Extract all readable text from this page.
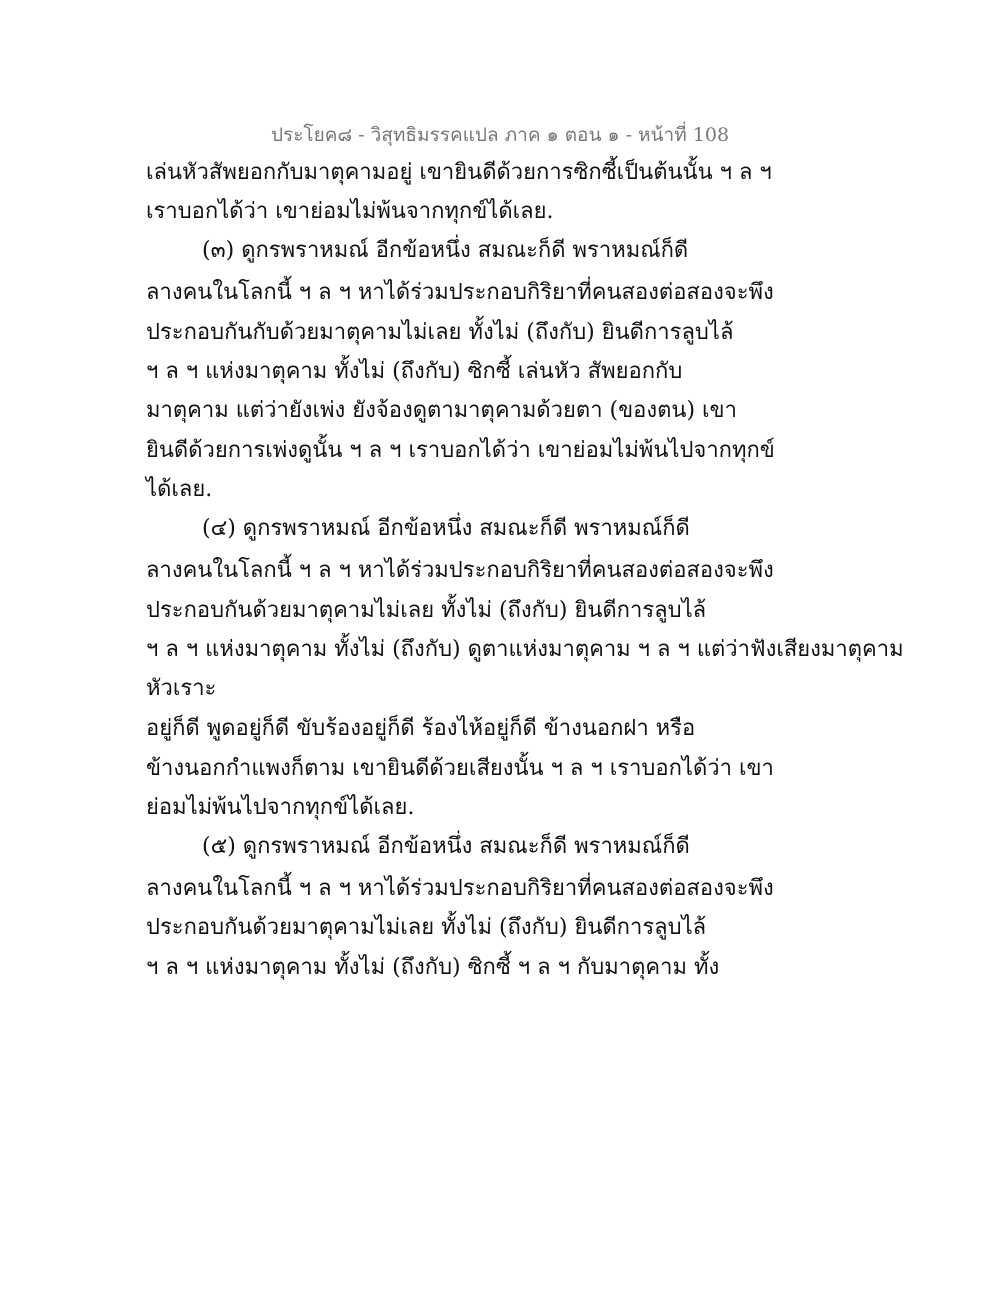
ประโยค๘ - วิสุทธิมรรคแปล ภาค ๑ ตอน ๑ - หน้าที่ 108
เล่นหัวสัพยอกกับมาตุคามอยู่ เขายินดีด้วยการซิกซี้เป็นต้นนั้น ฯ ล ฯ
เราบอกได้ว่า เขาย่อมไม่พ้นจากทุกข์ได้เลย.
(๓) ดูกรพราหมณ์ อีกข้อหนึ่ง สมณะก็ดี พราหมณ์ก็ดี
ลางคนในโลกนี้ ฯ ล ฯ หาได้ร่วมประกอบกิริยาที่คนสองต่อสองจะพึง
ประกอบกันกับด้วยมาตุคามไม่เลย ทั้งไม่ (ถึงกับ) ยินดีการลูบไล้
ฯ ล ฯ แห่งมาตุคาม ทั้งไม่ (ถึงกับ) ซิกซี้ เล่นหัว สัพยอกกับ
มาตุคาม แต่ว่ายังเพ่ง ยังจ้องดูตามาตุคามด้วยตา (ของตน) เขา
ยินดีด้วยการเพ่งดูนั้น ฯ ล ฯ เราบอกได้ว่า เขาย่อมไม่พ้นไปจากทุกข์
ได้เลย.
(๔) ดูกรพราหมณ์ อีกข้อหนึ่ง สมณะก็ดี พราหมณ์ก็ดี
ลางคนในโลกนี้ ฯ ล ฯ หาได้ร่วมประกอบกิริยาที่คนสองต่อสองจะพึง
ประกอบกันด้วยมาตุคามไม่เลย ทั้งไม่ (ถึงกับ) ยินดีการลูบไล้
ฯ ล ฯ แห่งมาตุคาม ทั้งไม่ (ถึงกับ) ดูตาแห่งมาตุคาม ฯ ล ฯ แต่ว่าฟังเสียงมาตุคาม
หัวเราะ
อยู่ก็ดี พูดอยู่ก็ดี ขับร้องอยู่ก็ดี ร้องไห้อยู่ก็ดี ข้างนอกฝา หรือ
ข้างนอกกำแพงก็ตาม เขายินดีด้วยเสียงนั้น ฯ ล ฯ เราบอกได้ว่า เขา
ย่อมไม่พ้นไปจากทุกข์ได้เลย.
(๕) ดูกรพราหมณ์ อีกข้อหนึ่ง สมณะก็ดี พราหมณ์ก็ดี
ลางคนในโลกนี้ ฯ ล ฯ หาได้ร่วมประกอบกิริยาที่คนสองต่อสองจะพึง
ประกอบกันด้วยมาตุคามไม่เลย ทั้งไม่ (ถึงกับ) ยินดีการลูบไล้
ฯ ล ฯ แห่งมาตุคาม ทั้งไม่ (ถึงกับ) ซิกซี้ ฯ ล ฯ กับมาตุคาม ทั้ง
